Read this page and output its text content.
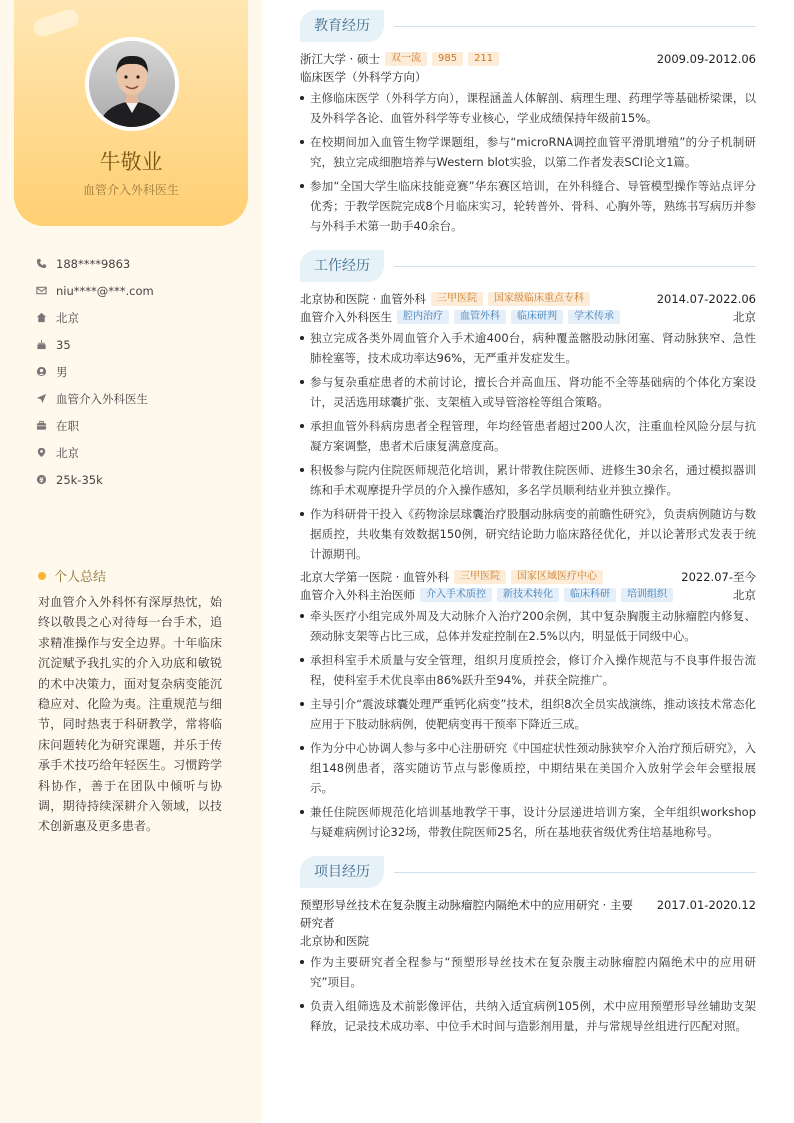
牛敬业
血管介入外科医生
188****9863
niu****@***.com
北京
35
男
血管介入外科医生
在职
北京
25k-35k
个人总结
对血管介入外科怀有深厚热忱，始终以敬畏之心对待每一台手术，追求精准操作与安全边界。十年临床沉淀赋予我扎实的介入功底和敏锐的术中决策力，面对复杂病变能沉稳应对、化险为夷。注重规范与细节，同时热衷于科研教学，常将临床问题转化为研究课题，并乐于传承手术技巧给年轻医生。习惯跨学科协作，善于在团队中倾听与协调，期待持续深耕介入领域，以技术创新惠及更多患者。
教育经历
浙江大学 · 硕士	双一流	985	211	2009.09-2012.06
临床医学（外科学方向）
主修临床医学（外科学方向），课程涵盖人体解剖、病理生理、药理学等基础桥梁课，以及外科学各论、血管外科学等专业核心，学业成绩保持年级前15%。
在校期间加入血管生物学课题组，参与“microRNA调控血管平滑肌增殖”的分子机制研究，独立完成细胞培养与Western blot实验，以第二作者发表SCI论文1篇。
参加“全国大学生临床技能竞赛”华东赛区培训，在外科缝合、导管模型操作等站点评分优秀；于教学医院完成8个月临床实习，轮转普外、骨科、心胸外等，熟练书写病历并参与外科手术第一助手40余台。
工作经历
北京协和医院 · 血管外科	三甲医院	国家级临床重点专科	2014.07-2022.06
血管介入外科医生	腔内治疗	血管外科	临床研判	学术传承	北京
独立完成各类外周血管介入手术逾400台，病种覆盖髂股动脉闭塞、肾动脉狭窄、急性肺栓塞等，技术成功率达96%，无严重并发症发生。
参与复杂重症患者的术前讨论，擅长合并高血压、肾功能不全等基础病的个体化方案设计，灵活选用球囊扩张、支架植入或导管溶栓等组合策略。
承担血管外科病房患者全程管理，年均经管患者超过200人次，注重血栓风险分层与抗凝方案调整，患者术后康复满意度高。
积极参与院内住院医师规范化培训，累计带教住院医师、进修生30余名，通过模拟器训练和手术观摩提升学员的介入操作感知，多名学员顺利结业并独立操作。
作为科研骨干投入《药物涂层球囊治疗股腘动脉病变的前瞻性研究》，负责病例随访与数据质控，共收集有效数据150例，研究结论助力临床路径优化，并以论著形式发表于统计源期刊。
北京大学第一医院 · 血管外科	三甲医院	国家区域医疗中心	2022.07-至今
血管介入外科主治医师	介入手术质控	新技术转化	临床科研	培训组织	北京
牵头医疗小组完成外周及大动脉介入治疗200余例，其中复杂胸腹主动脉瘤腔内修复、颈动脉支架等占比三成，总体并发症控制在2.5%以内，明显低于同级中心。
承担科室手术质量与安全管理，组织月度质控会，修订介入操作规范与不良事件报告流程，使科室手术优良率由86%跃升至94%，并获全院推广。
主导引介“震波球囊处理严重钙化病变”技术，组织8次全员实战演练，推动该技术常态化应用于下肢动脉病例，使靶病变再干预率下降近三成。
作为分中心协调人参与多中心注册研究《中国症状性颈动脉狭窄介入治疗预后研究》，入组148例患者，落实随访节点与影像质控，中期结果在美国介入放射学会年会壁报展示。
兼任住院医师规范化培训基地教学干事，设计分层递进培训方案，全年组织workshop与疑难病例讨论32场，带教住院医师25名，所在基地获省级优秀住培基地称号。
项目经历
预塑形导丝技术在复杂腹主动脉瘤腔内隔绝术中的应用研究 · 主要研究者
2017.01-2020.12
北京协和医院
作为主要研究者全程参与“预塑形导丝技术在复杂腹主动脉瘤腔内隔绝术中的应用研究”项目。
负责入组筛选及术前影像评估，共纳入适宜病例105例，术中应用预塑形导丝辅助支架释放，记录技术成功率、中位手术时间与造影剂用量，并与常规导丝组进行匹配对照。
